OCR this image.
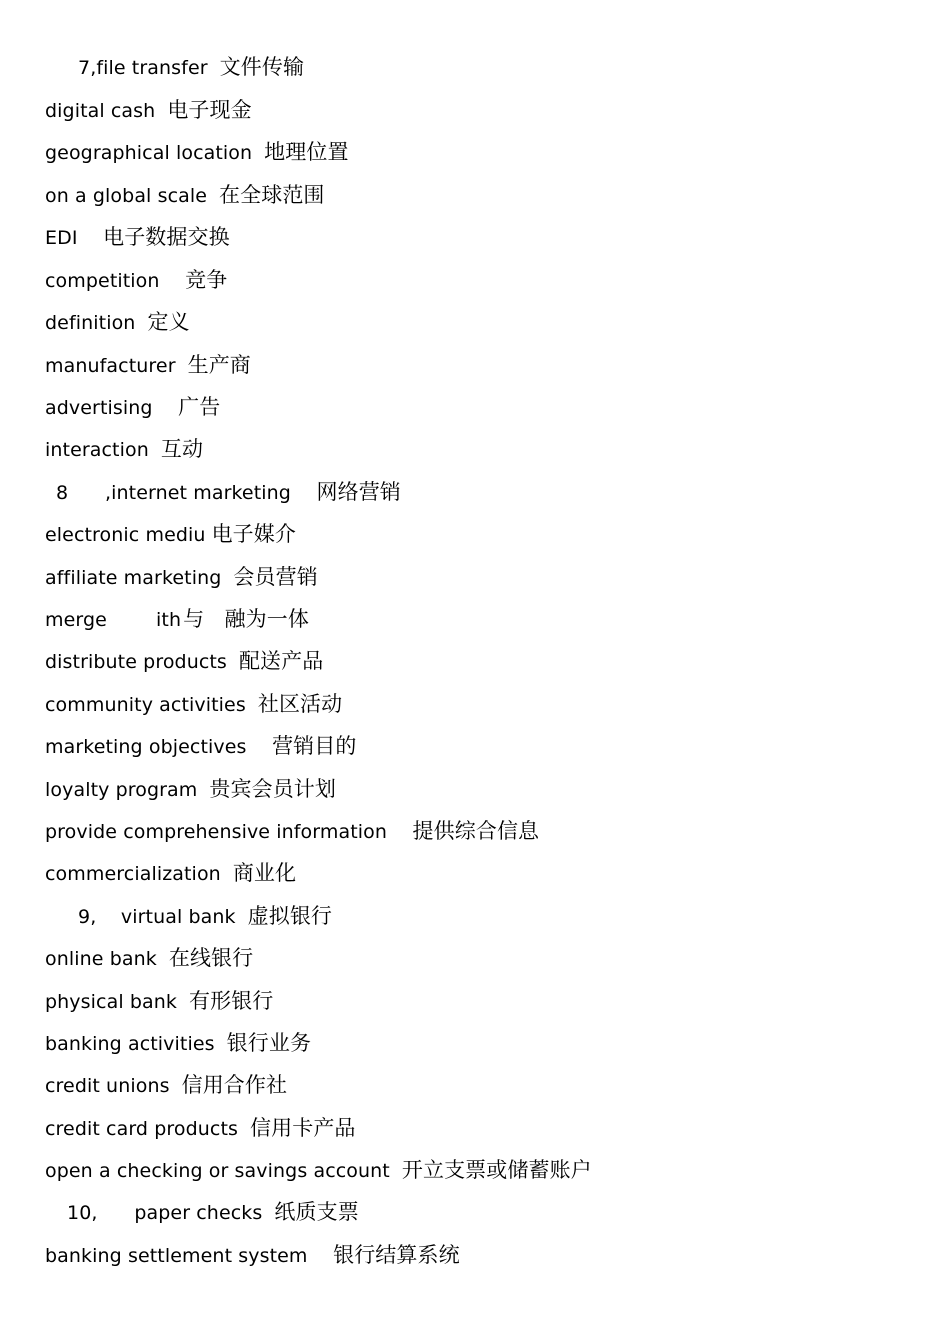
7,file transfer 文件传输
digital cash 电子现金
geographical location 地理位置
on a global scale 在全球范围
EDI  电子数据交换
competition  竞争
definition 定义
manufacturer 生产商
advertising  广告
interaction 互动
8      ,internet marketing  网络营销
electronic mediu 电子媒介
affiliate marketing 会员营销
merge        ith与   融为一体
distribute products 配送产品
community activities 社区活动
marketing objectives  营销目的
loyalty program 贵宾会员计划
provide comprehensive information  提供综合信息
commercialization 商业化
9,    virtual bank 虚拟银行
online bank 在线银行
physical bank 有形银行
banking activities 银行业务
credit unions 信用合作社
credit card products 信用卡产品
open a checking or savings account 开立支票或储蓄账户
10,      paper checks 纸质支票
banking settlement system  银行结算系统
